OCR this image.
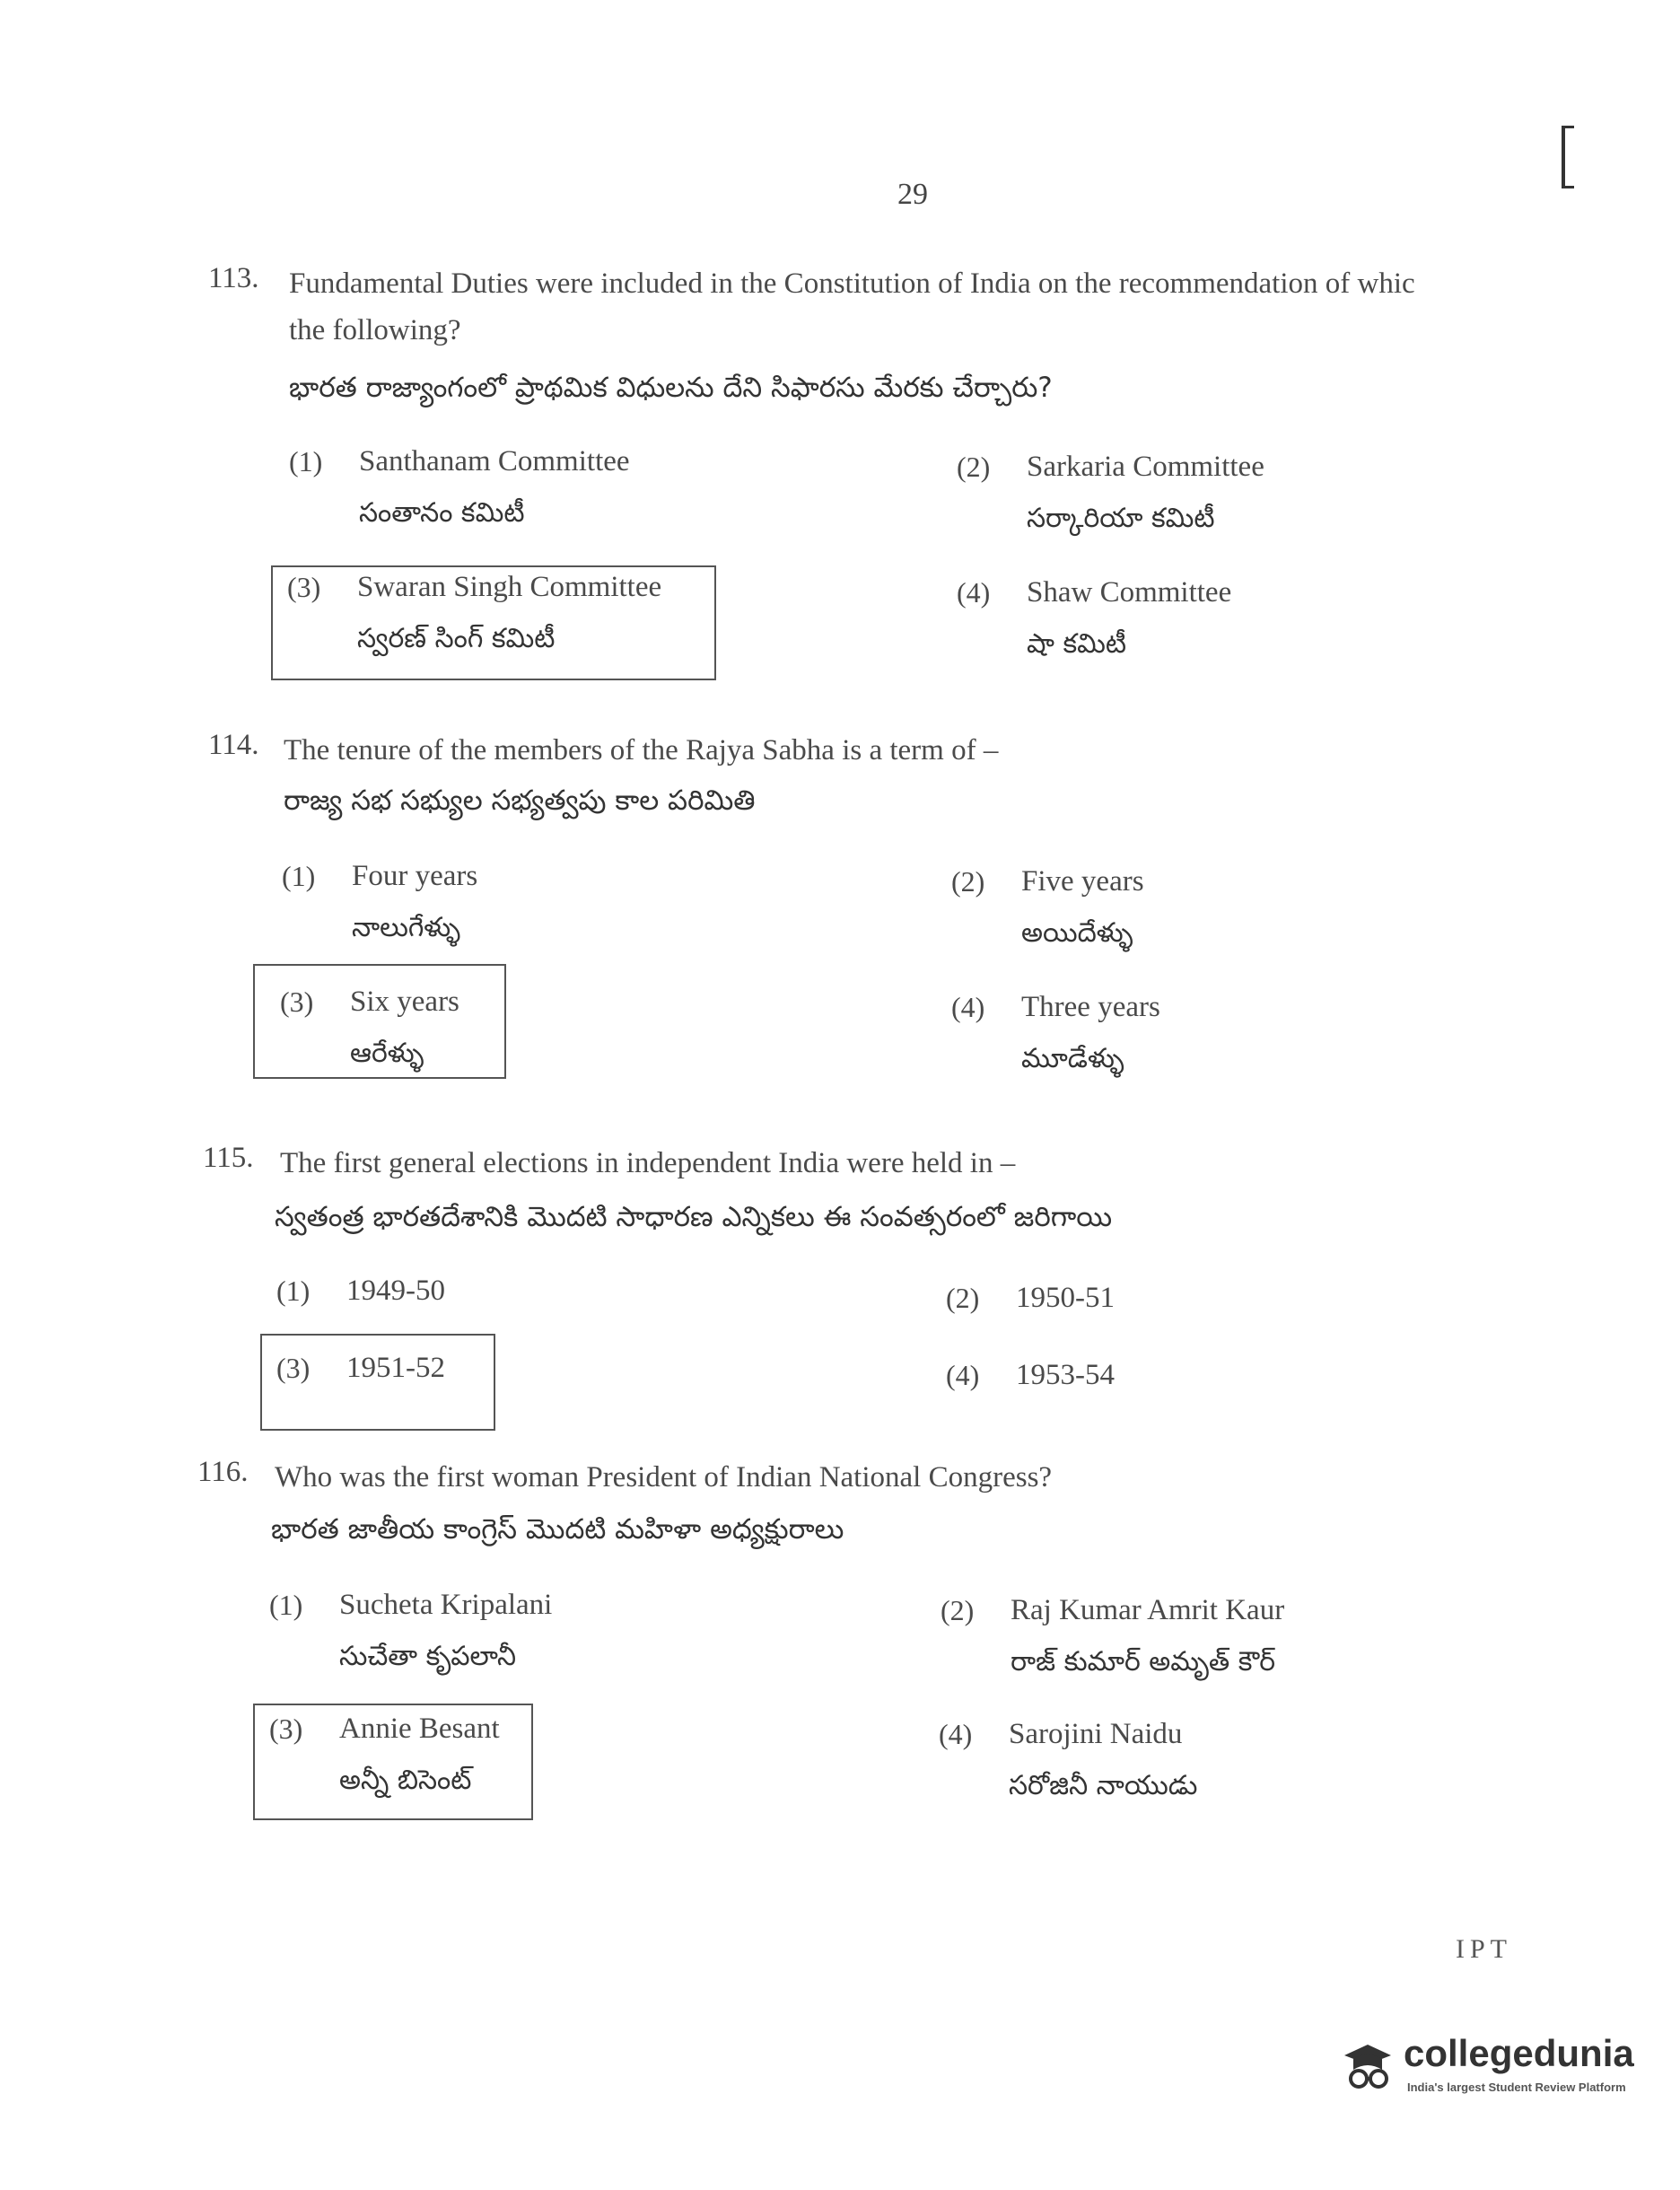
29
113. Fundamental Duties were included in the Constitution of India on the recommendation of whic
the following?
భారత రాజ్యాంగంలో ప్రాథమిక విధులను దేని సిఫారసు మేరకు చేర్చారు?
(1) Santhanam Committee
సంతానం కమిటీ
(2) Sarkaria Committee
సర్కారియా కమిటీ
(3) Swaran Singh Committee
స్వరణ్ సింగ్ కమిటీ
(4) Shaw Committee
షా కమిటీ
114. The tenure of the members of the Rajya Sabha is a term of –
రాజ్య సభ సభ్యుల సభ్యత్వపు కాల పరిమితి
(1) Four years
నాలుగేళ్ళు
(2) Five years
అయిదేళ్ళు
(3) Six years
ఆరేళ్ళు
(4) Three years
మూడేళ్ళు
115. The first general elections in independent India were held in –
స్వతంత్ర భారతదేశానికి మొదటి సాధారణ ఎన్నికలు ఈ సంవత్సరంలో జరిగాయి
(1) 1949-50	(2) 1950-51
(3) 1951-52	(4) 1953-54
116. Who was the first woman President of Indian National Congress?
భారత జాతీయ కాంగ్రెస్ మొదటి మహిళా అధ్యక్షురాలు
(1) Sucheta Kripalani
సుచేతా కృపలానీ
(2) Raj Kumar Amrit Kaur
రాజ్ కుమార్ అమృత్ కౌర్
(3) Annie Besant
అన్నీ బిసెంట్
(4) Sarojini Naidu
సరోజినీ నాయుడు
IPT
collegedunia
India's largest Student Review Platform
